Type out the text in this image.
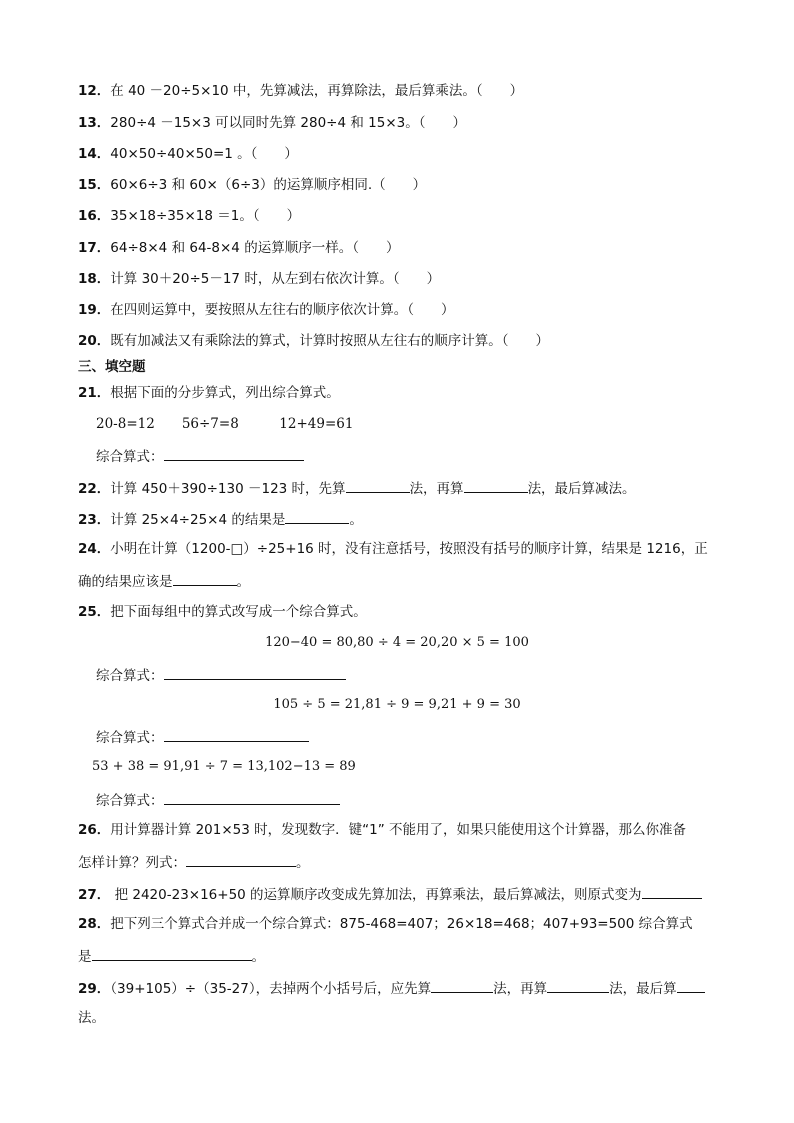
12．在 40 －20÷5×10 中，先算减法，再算除法，最后算乘法。（　　）
13．280÷4 －15×3 可以同时先算 280÷4 和 15×3。（　　）
14．40×50÷40×50=1 。（　　）
15．60×6÷3 和 60×（6÷3）的运算顺序相同.（　　）
16．35×18÷35×18 ＝1。（　　）
17．64÷8×4 和 64-8×4 的运算顺序一样。（　　）
18．计算 30＋20÷5－17 时，从左到右依次计算。（　　）
19．在四则运算中，要按照从左往右的顺序依次计算。（　　）
20．既有加减法又有乘除法的算式，计算时按照从左往右的顺序计算。（　　）
三、填空题
21．根据下面的分步算式，列出综合算式。
20-8=12　　56÷7=8　　　12+49=61
综合算式：
22．计算 450＋390÷130 －123 时，先算	法，再算	法，最后算减法。
23．计算 25×4÷25×4 的结果是	。
24．小明在计算（1200-□）÷25+16 时，没有注意括号，按照没有括号的顺序计算，结果是 1216，正
确的结果应该是	。
25．把下面每组中的算式改写成一个综合算式。
120−40 = 80,80 ÷ 4 = 20,20 × 5 = 100
综合算式：
105 ÷ 5 = 21,81 ÷ 9 = 9,21 + 9 = 30
综合算式：
53 + 38 = 91,91 ÷ 7 = 13,102−13 = 89
综合算式：
26．用计算器计算 201×53 时，发现数字．键“1” 不能用了，如果只能使用这个计算器，那么你准备
怎样计算？列式：	。
27． 把 2420-23×16+50 的运算顺序改变成先算加法，再算乘法，最后算减法，则原式变为
28．把下列三个算式合并成一个综合算式：875-468=407；26×18=468；407+93=500 综合算式
是	。
29．（39+105）÷（35-27），去掉两个小括号后，应先算	法，再算	法，最后算
法。
